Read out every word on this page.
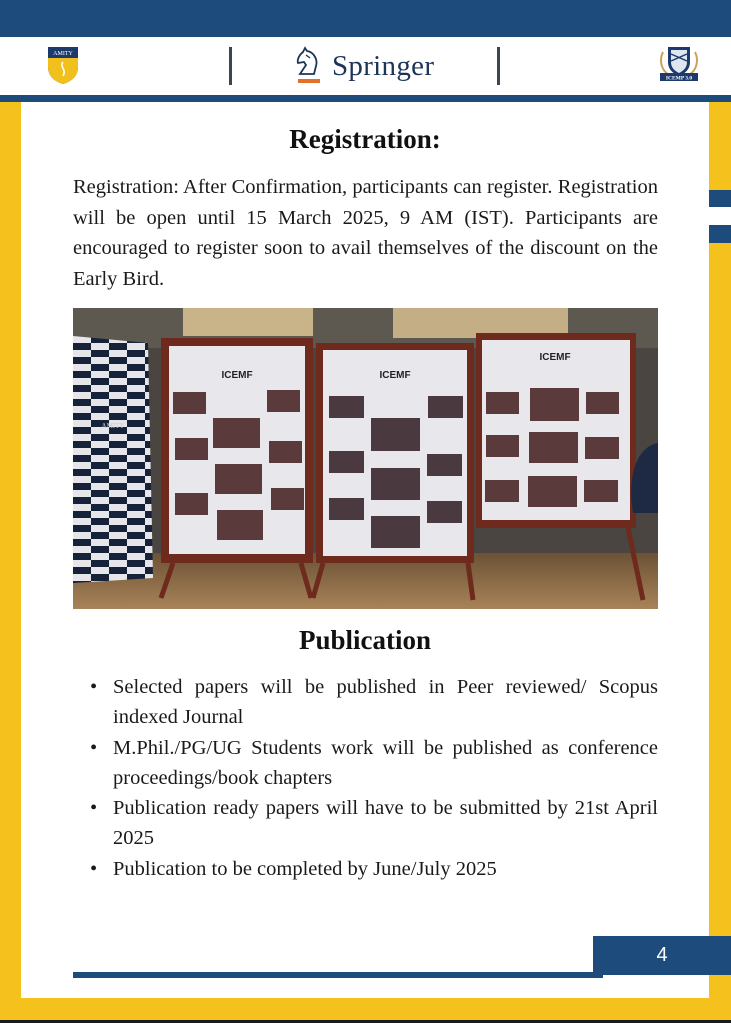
AMITY	Springer	ICEMP 3.0
Registration:

Registration: After Confirmation, participants can register. Registration will be open until 15 March 2025, 9 AM (IST). Participants are encouraged to register soon to avail themselves of the discount on the Early Bird.

AMITY
ICEMF	ICEMF
ICEMF
Publication
• Selected papers will be published in Peer reviewed/ Scopus indexed Journal
• M.Phil./PG/UG Students work will be published as conference proceedings/book chapters
• Publication ready papers will have to be submitted by 21st April 2025
• Publication to be completed by June/July 2025
4
